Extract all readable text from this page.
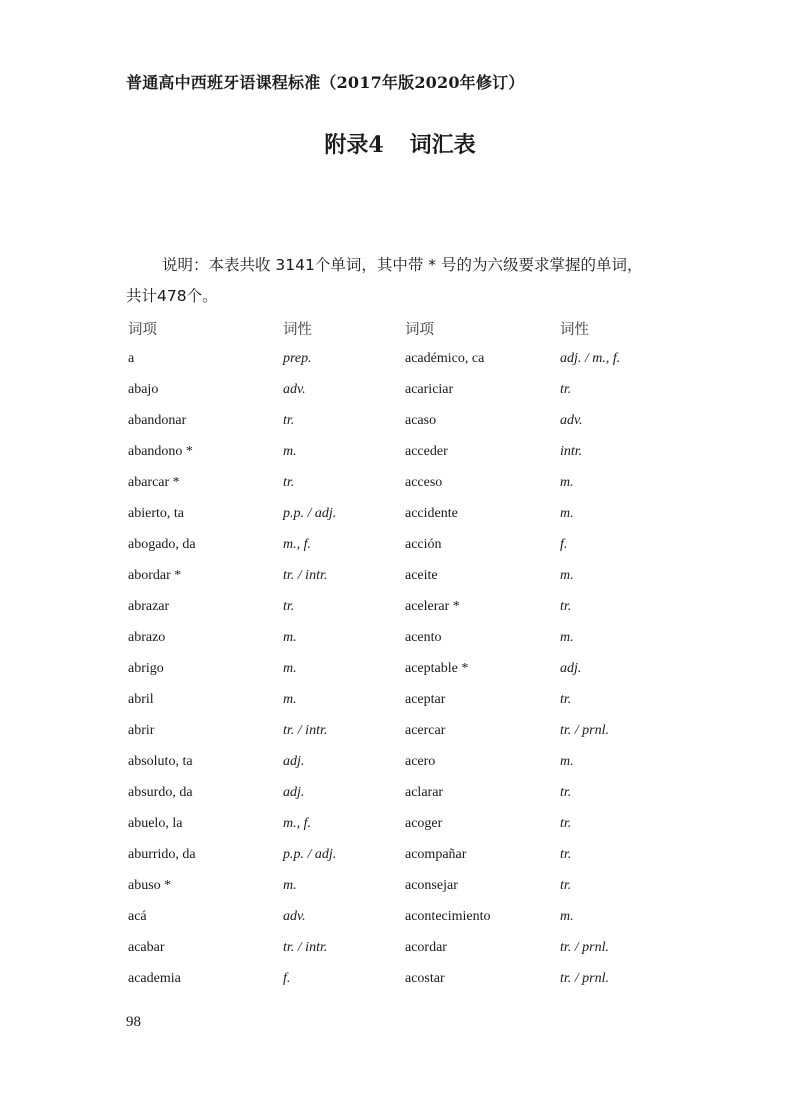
普通高中西班牙语课程标准（2017年版2020年修订）
附录4 词汇表
说明：本表共收 3141个单词，其中带 * 号的为六级要求掌握的单词，
共计478个。
词项	词性	词项	词性
a	prep.	académico, ca	adj. / m., f.
abajo	adv.	acariciar	tr.
abandonar	tr.	acaso	adv.
abandono *	m.	acceder	intr.
abarcar *	tr.	acceso	m.
abierto, ta	p.p. / adj.	accidente	m.
abogado, da	m., f.	acción	f.
abordar *	tr. / intr.	aceite	m.
abrazar	tr.	acelerar *	tr.
abrazo	m.	acento	m.
abrigo	m.	aceptable *	adj.
abril	m.	aceptar	tr.
abrir	tr. / intr.	acercar	tr. / prnl.
absoluto, ta	adj.	acero	m.
absurdo, da	adj.	aclarar	tr.
abuelo, la	m., f.	acoger	tr.
aburrido, da	p.p. / adj.	acompañar	tr.
abuso *	m.	aconsejar	tr.
acá	adv.	acontecimiento	m.
acabar	tr. / intr.	acordar	tr. / prnl.
academia	f.	acostar	tr. / prnl.
98
